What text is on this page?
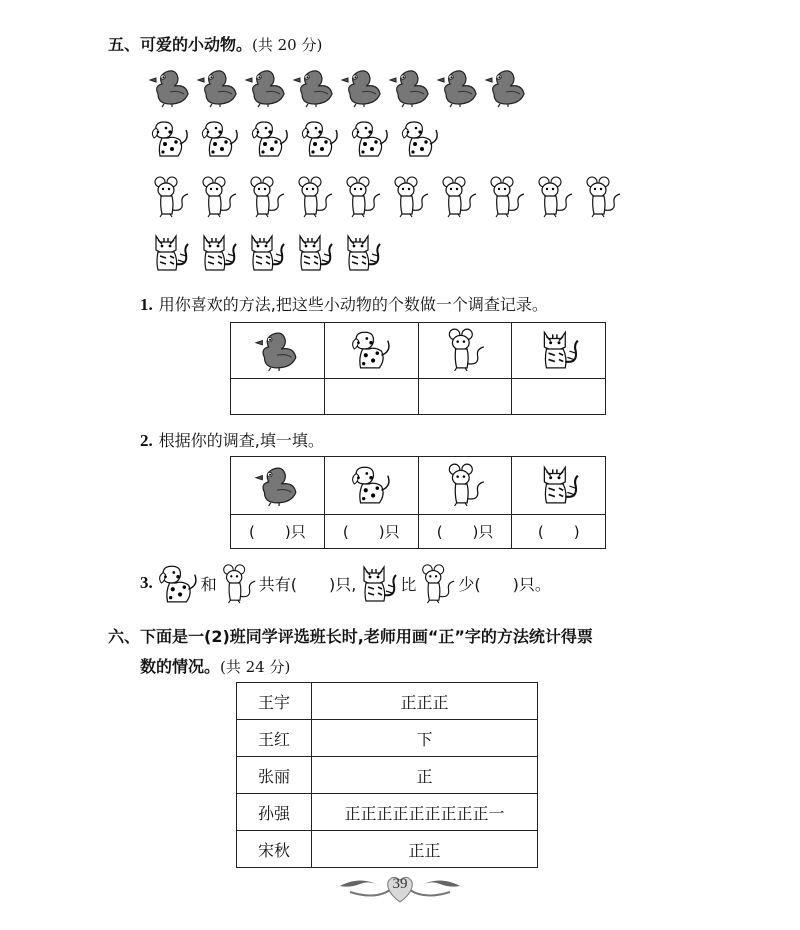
五、可爱的小动物。(共 20 分)
1. 用你喜欢的方法,把这些小动物的个数做一个调查记录。

2. 根据你的调查,填一填。

(　　)只	(　　)只	(　　)只	(　　)
3.	和	共有(　　)只,	比	少(　　)只。
六、下面是一(2)班同学评选班长时,老师用画“正”字的方法统计得票
数的情况。(共 24 分)
王宇	正正正
王红	下
张丽	正
孙强	正正正正正正正正正一
宋秋	正正
39
